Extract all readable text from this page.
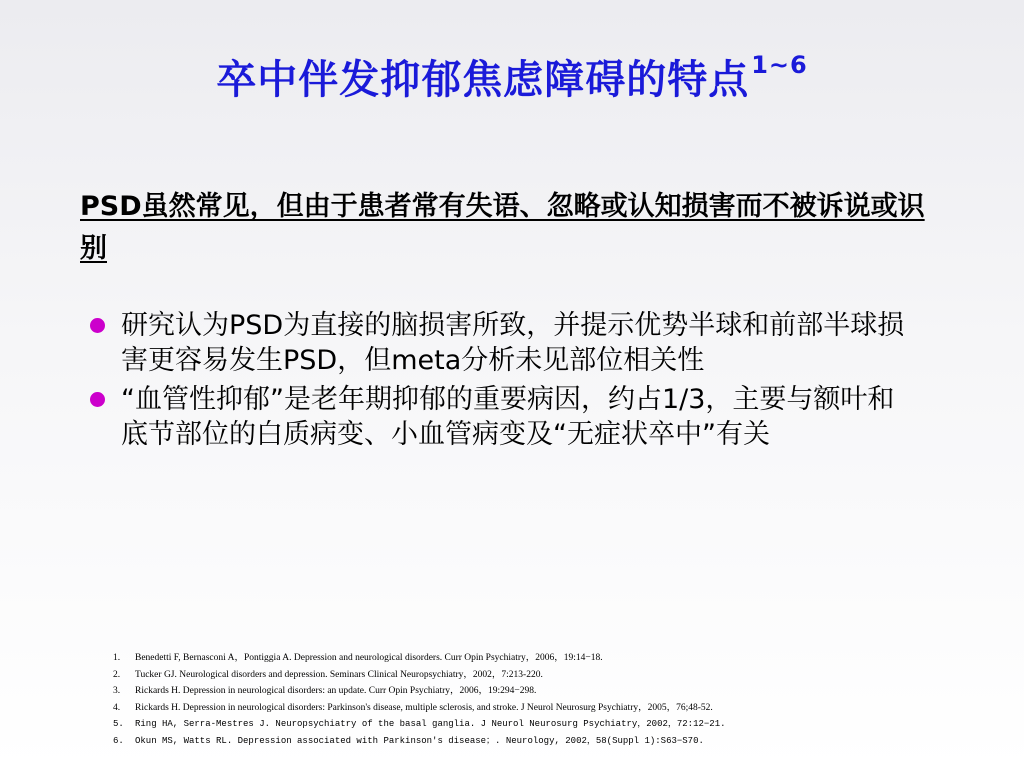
卒中伴发抑郁焦虑障碍的特点$^{1\sim 6}$
PSD虽然常见，但由于患者常有失语、忽略或认知损害而不被诉说或识别
研究认为PSD为直接的脑损害所致，并提示优势半球和前部半球损害更容易发生PSD，但meta分析未见部位相关性
“血管性抑郁”是老年期抑郁的重要病因，约占1/3，主要与额叶和底节部位的白质病变、小血管病变及“无症状卒中”有关
1. Benedetti F, Bernasconi A，Pontiggia A. Depression and neurological disorders. Curr Opin Psychiatry，2006，19:14−18.
2. Tucker GJ. Neurological disorders and depression. Seminars Clinical Neuropsychiatry，2002，7:213-220.
3. Rickards H. Depression in neurological disorders: an update. Curr Opin Psychiatry，2006，19:294−298.
4. Rickards H. Depression in neurological disorders: Parkinson's disease, multiple sclerosis, and stroke. J Neurol Neurosurg Psychiatry，2005，76;48-52.
5. Ring HA, Serra-Mestres J. Neuropsychiatry of the basal ganglia. J Neurol Neurosurg Psychiatry，2002，72:12−21.
6. Okun MS, Watts RL. Depression associated with Parkinson's disease；. Neurology, 2002，58(Suppl 1):S63−S70.
